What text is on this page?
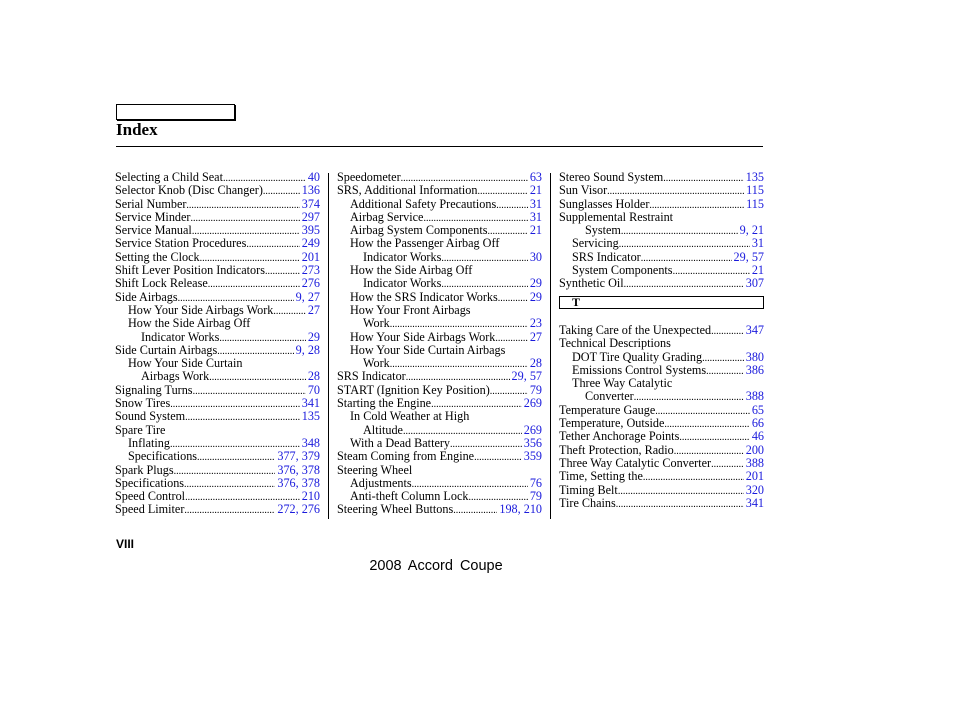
Index
Selecting a Child Seat .....	40
Selector Knob (Disc Changer) .....	136
Serial Number .....	374
Service Minder .....	297
Service Manual .....	395
Service Station Procedures .....	249
Setting the Clock .....	201
Shift Lever Position Indicators .....	273
Shift Lock Release .....	276
Side Airbags .....	9, 27
How Your Side Airbags Work .....	27
How the Side Airbag Off
Indicator Works .....	29
Side Curtain Airbags .....	9, 28
How Your Side Curtain
Airbags Work .....	28
Signaling Turns .....	70
Snow Tires .....	341
Sound System .....	135
Spare Tire
Inflating .....	348
Specifications .....	377, 379
Spark Plugs .....	376, 378
Specifications .....	376, 378
Speed Control .....	210
Speed Limiter .....	272, 276
Speedometer .....	63
SRS, Additional Information .....	21
Additional Safety Precautions .....	31
Airbag Service .....	31
Airbag System Components .....	21
How the Passenger Airbag Off
Indicator Works .....	30
How the Side Airbag Off
Indicator Works .....	29
How the SRS Indicator Works .....	29
How Your Front Airbags
Work .....	23
How Your Side Airbags Work .....	27
How Your Side Curtain Airbags
Work .....	28
SRS Indicator .....	29, 57
START (Ignition Key Position) .....	79
Starting the Engine .....	269
In Cold Weather at High
Altitude .....	269
With a Dead Battery .....	356
Steam Coming from Engine .....	359
Steering Wheel
Adjustments .....	76
Anti-theft Column Lock .....	79
Steering Wheel Buttons .....	198, 210
Stereo Sound System .....	135
Sun Visor .....	115
Sunglasses Holder .....	115
Supplemental Restraint
System .....	9, 21
Servicing .....	31
SRS Indicator .....	29, 57
System Components .....	21
Synthetic Oil .....	307
T
Taking Care of the Unexpected .....	347
Technical Descriptions
DOT Tire Quality Grading .....	380
Emissions Control Systems .....	386
Three Way Catalytic
Converter .....	388
Temperature Gauge .....	65
Temperature, Outside .....	66
Tether Anchorage Points .....	46
Theft Protection, Radio .....	200
Three Way Catalytic Converter .....	388
Time, Setting the .....	201
Timing Belt .....	320
Tire Chains .....	341
VIII
2008 Accord Coupe
